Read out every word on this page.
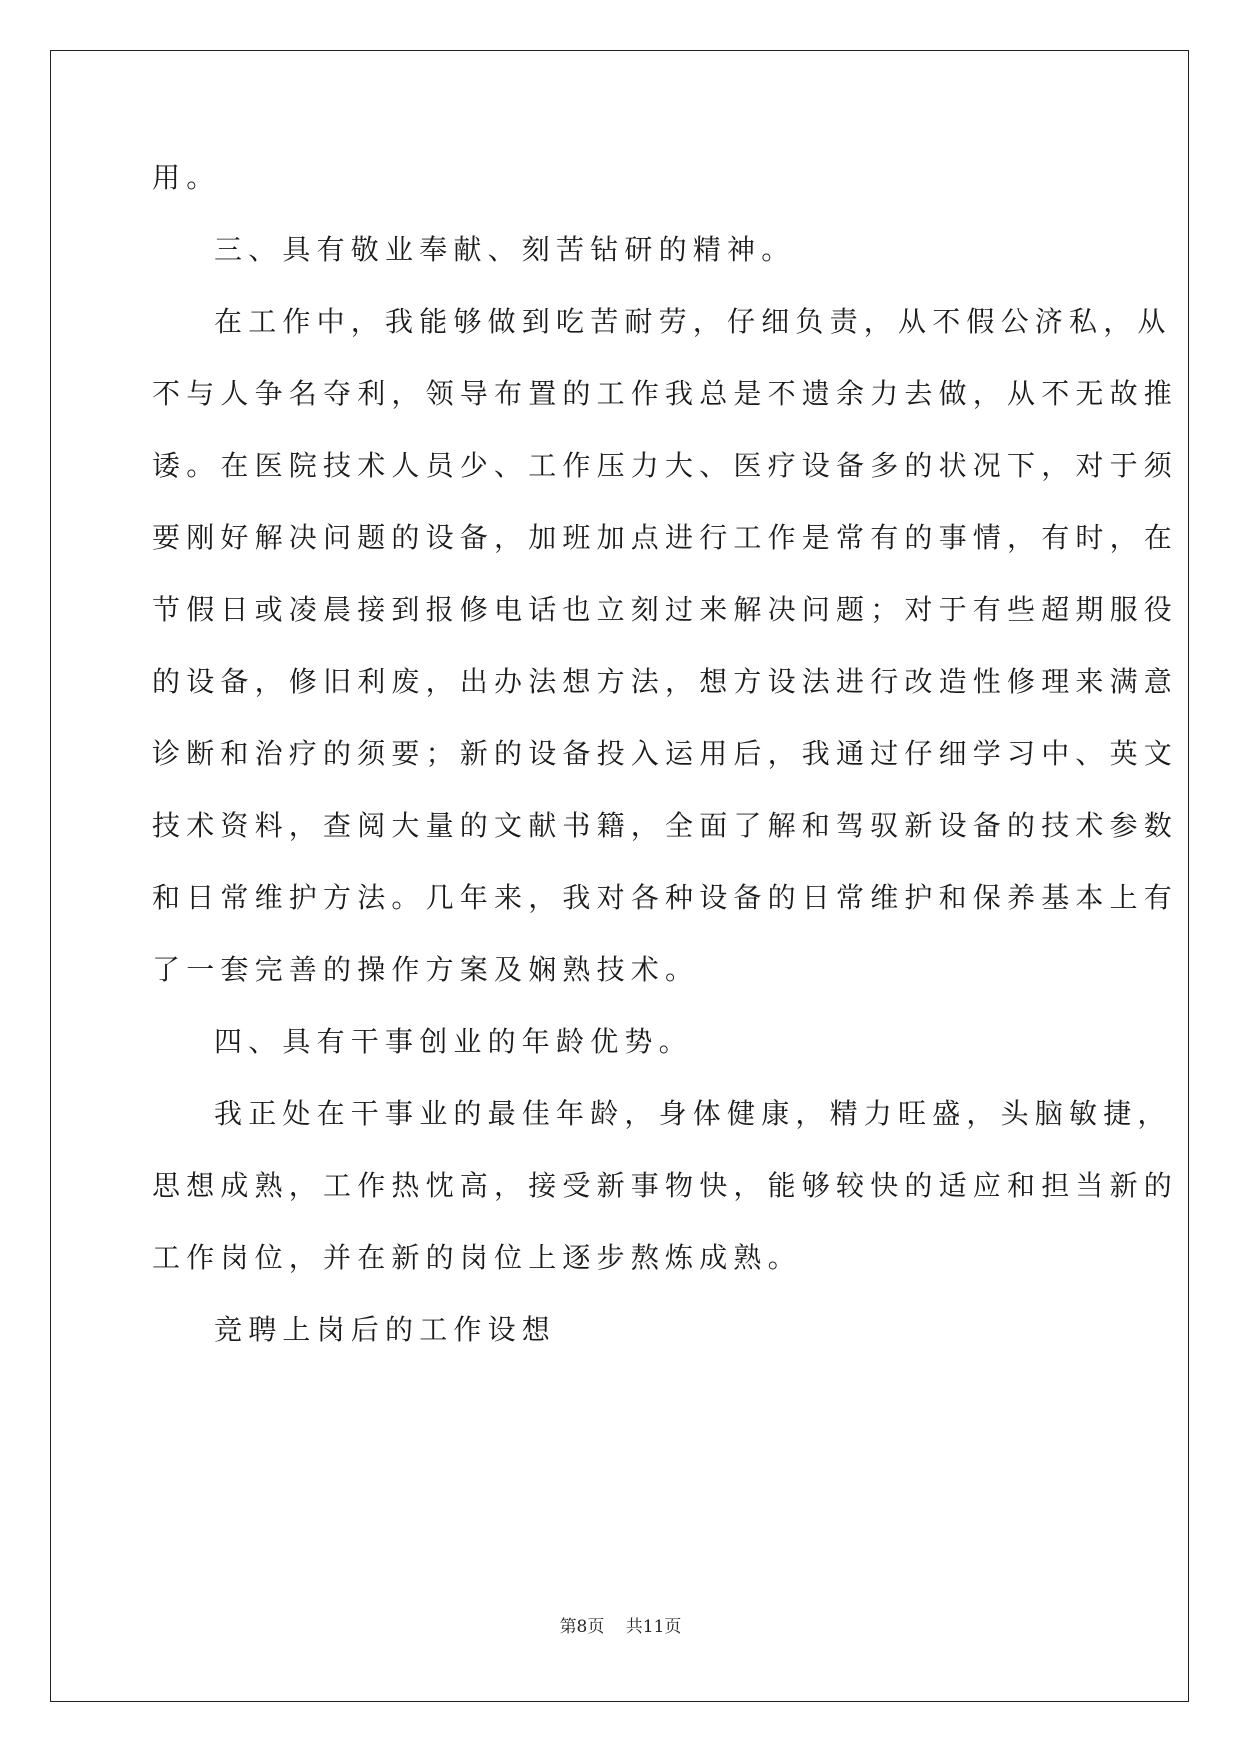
用。
三、具有敬业奉献、刻苦钻研的精神。
在工作中，我能够做到吃苦耐劳，仔细负责，从不假公济私，从
不与人争名夺利，领导布置的工作我总是不遗余力去做，从不无故推
诿。在医院技术人员少、工作压力大、医疗设备多的状况下，对于须
要刚好解决问题的设备，加班加点进行工作是常有的事情，有时，在
节假日或凌晨接到报修电话也立刻过来解决问题；对于有些超期服役
的设备，修旧利废，出办法想方法，想方设法进行改造性修理来满意
诊断和治疗的须要；新的设备投入运用后，我通过仔细学习中、英文
技术资料，查阅大量的文献书籍，全面了解和驾驭新设备的技术参数
和日常维护方法。几年来，我对各种设备的日常维护和保养基本上有
了一套完善的操作方案及娴熟技术。
四、具有干事创业的年龄优势。
我正处在干事业的最佳年龄，身体健康，精力旺盛，头脑敏捷，
思想成熟，工作热忱高，接受新事物快，能够较快的适应和担当新的
工作岗位，并在新的岗位上逐步熬炼成熟。
竞聘上岗后的工作设想
第8页 共11页
